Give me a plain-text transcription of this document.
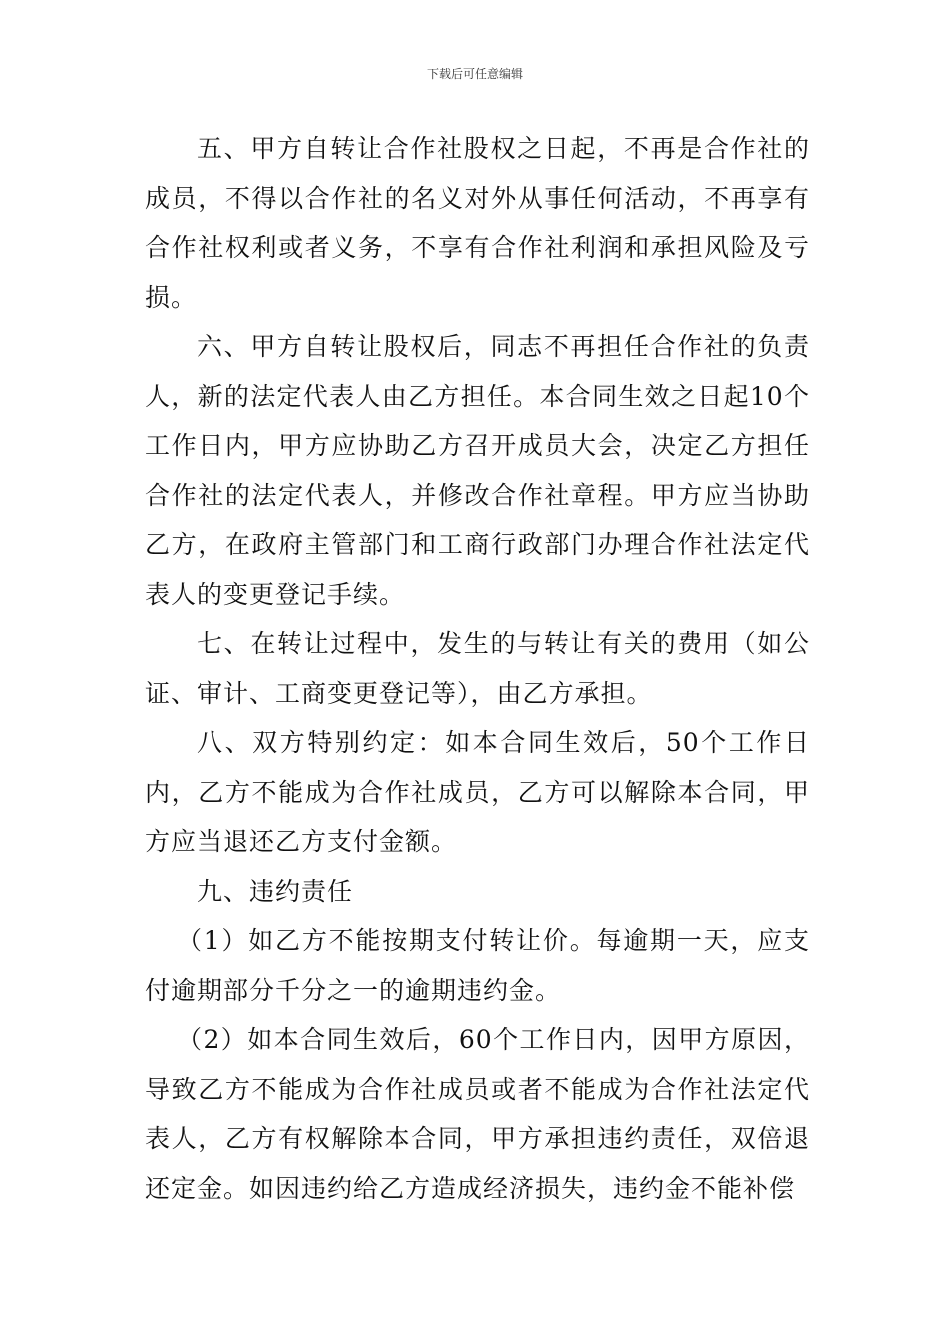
下载后可任意编辑

五、甲方自转让合作社股权之日起，不再是合作社的成员，不得以合作社的名义对外从事任何活动，不再享有合作社权利或者义务，不享有合作社利润和承担风险及亏损。

六、甲方自转让股权后，同志不再担任合作社的负责人，新的法定代表人由乙方担任。本合同生效之日起10个工作日内，甲方应协助乙方召开成员大会，决定乙方担任合作社的法定代表人，并修改合作社章程。甲方应当协助乙方，在政府主管部门和工商行政部门办理合作社法定代表人的变更登记手续。

七、在转让过程中，发生的与转让有关的费用（如公证、审计、工商变更登记等），由乙方承担。

八、双方特别约定：如本合同生效后，50个工作日内，乙方不能成为合作社成员，乙方可以解除本合同，甲方应当退还乙方支付金额。

九、违约责任

（1）如乙方不能按期支付转让价。每逾期一天，应支付逾期部分千分之一的逾期违约金。

（2）如本合同生效后，60个工作日内，因甲方原因，导致乙方不能成为合作社成员或者不能成为合作社法定代表人，乙方有权解除本合同，甲方承担违约责任，双倍退还定金。如因违约给乙方造成经济损失，违约金不能补偿
